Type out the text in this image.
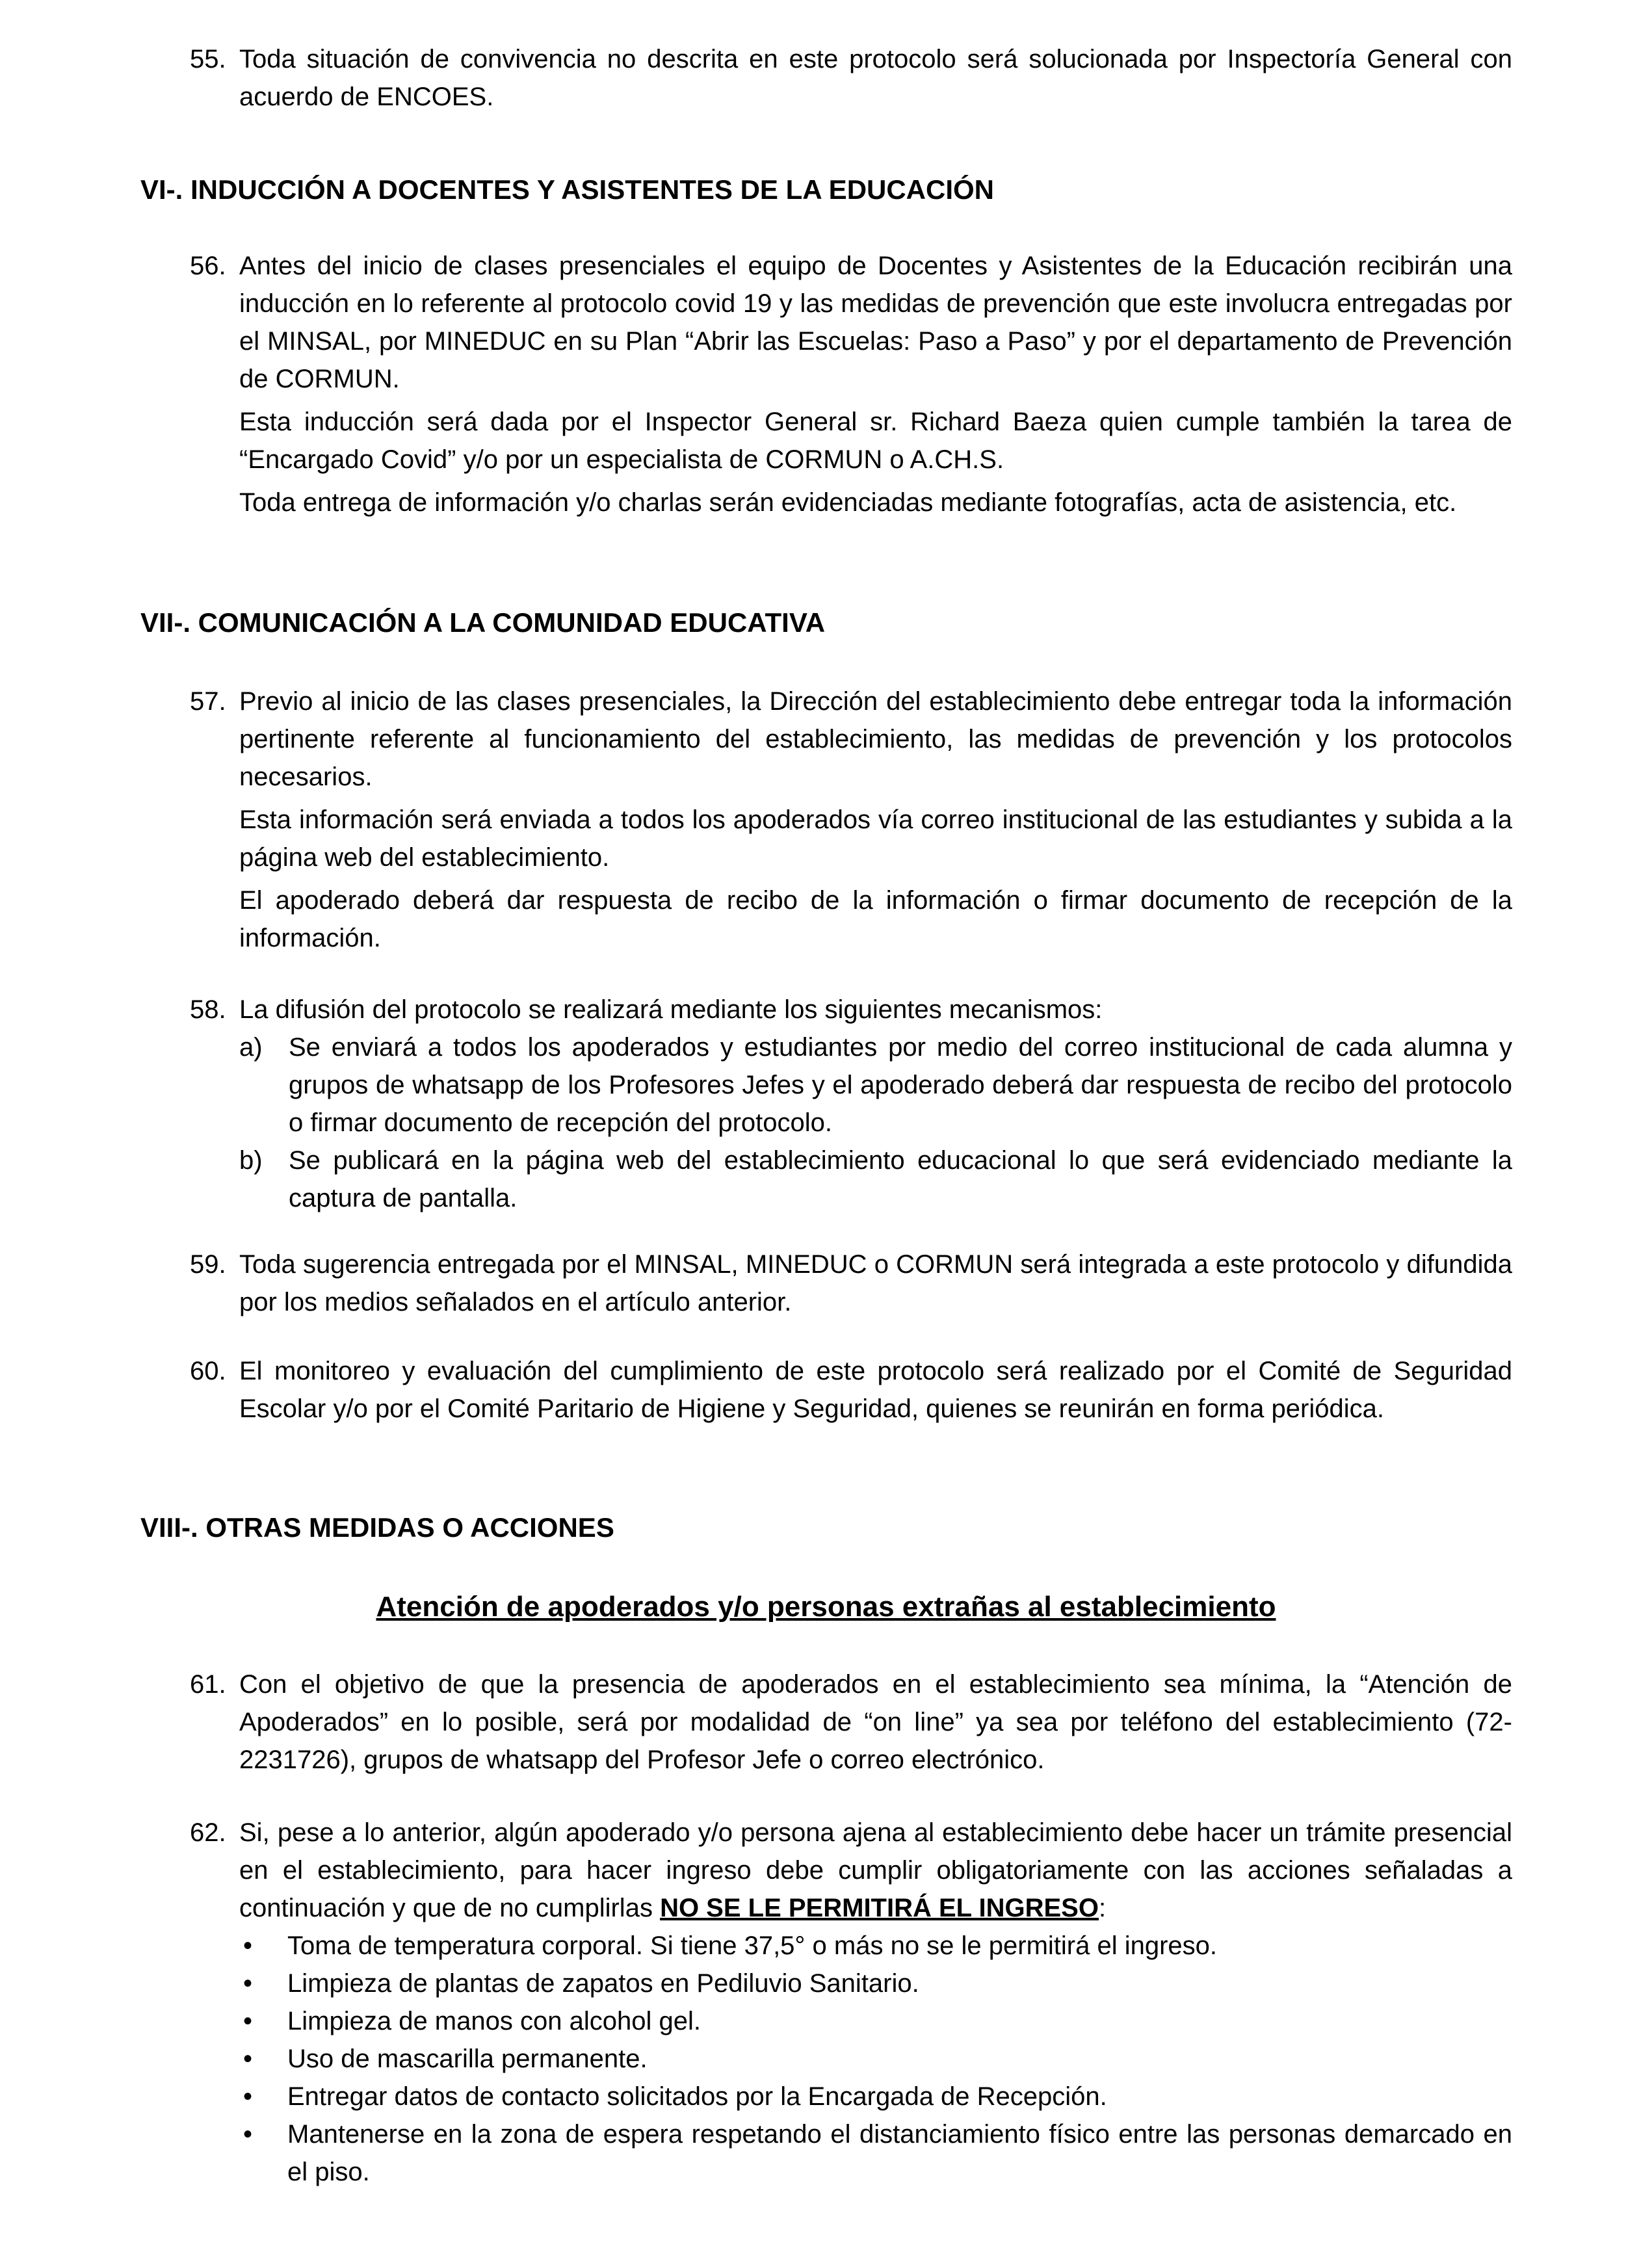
55. Toda situación de convivencia no descrita en este protocolo será solucionada por Inspectoría General con acuerdo de ENCOES.

VI-. INDUCCIÓN A DOCENTES Y ASISTENTES DE LA EDUCACIÓN
56. Antes del inicio de clases presenciales el equipo de Docentes y Asistentes de la Educación recibirán una inducción en lo referente al protocolo covid 19 y las medidas de prevención que este involucra entregadas por el MINSAL, por MINEDUC en su Plan “Abrir las Escuelas: Paso a Paso” y por el departamento de Prevención de CORMUN.

Esta inducción será dada por el Inspector General sr. Richard Baeza quien cumple también la tarea de “Encargado Covid” y/o por un especialista de CORMUN o A.CH.S.

Toda entrega de información y/o charlas serán evidenciadas mediante fotografías, acta de asistencia, etc.

VII-. COMUNICACIÓN A LA COMUNIDAD EDUCATIVA
57. Previo al inicio de las clases presenciales, la Dirección del establecimiento debe entregar toda la información pertinente referente al funcionamiento del establecimiento, las medidas de prevención y los protocolos necesarios.

Esta información será enviada a todos los apoderados vía correo institucional de las estudiantes y subida a la página web del establecimiento.

El apoderado deberá dar respuesta de recibo de la información o firmar documento de recepción de la información.

58. La difusión del protocolo se realizará mediante los siguientes mecanismos:

a) Se enviará a todos los apoderados y estudiantes por medio del correo institucional de cada alumna y grupos de whatsapp de los Profesores Jefes y el apoderado deberá dar respuesta de recibo del protocolo o firmar documento de recepción del protocolo.
b) Se publicará en la página web del establecimiento educacional lo que será evidenciado mediante la captura de pantalla.
59. Toda sugerencia entregada por el MINSAL, MINEDUC o CORMUN será integrada a este protocolo y difundida por los medios señalados en el artículo anterior.

60. El monitoreo y evaluación del cumplimiento de este protocolo será realizado por el Comité de Seguridad Escolar y/o por el Comité Paritario de Higiene y Seguridad, quienes se reunirán en forma periódica.

VIII-. OTRAS MEDIDAS O ACCIONES
Atención de apoderados y/o personas extrañas al establecimiento
61. Con el objetivo de que la presencia de apoderados en el establecimiento sea mínima, la “Atención de Apoderados” en lo posible, será por modalidad de “on line” ya sea por teléfono del establecimiento (72-2231726), grupos de whatsapp del Profesor Jefe o correo electrónico.

62. Si, pese a lo anterior, algún apoderado y/o persona ajena al establecimiento debe hacer un trámite presencial en el establecimiento, para hacer ingreso debe cumplir obligatoriamente con las acciones señaladas a continuación y que de no cumplirlas NO SE LE PERMITIRÁ EL INGRESO:

• Toma de temperatura corporal. Si tiene 37,5° o más no se le permitirá el ingreso.
• Limpieza de plantas de zapatos en Pediluvio Sanitario.
• Limpieza de manos con alcohol gel.
• Uso de mascarilla permanente.
• Entregar datos de contacto solicitados por la Encargada de Recepción.
• Mantenerse en la zona de espera respetando el distanciamiento físico entre las personas demarcado en el piso.
